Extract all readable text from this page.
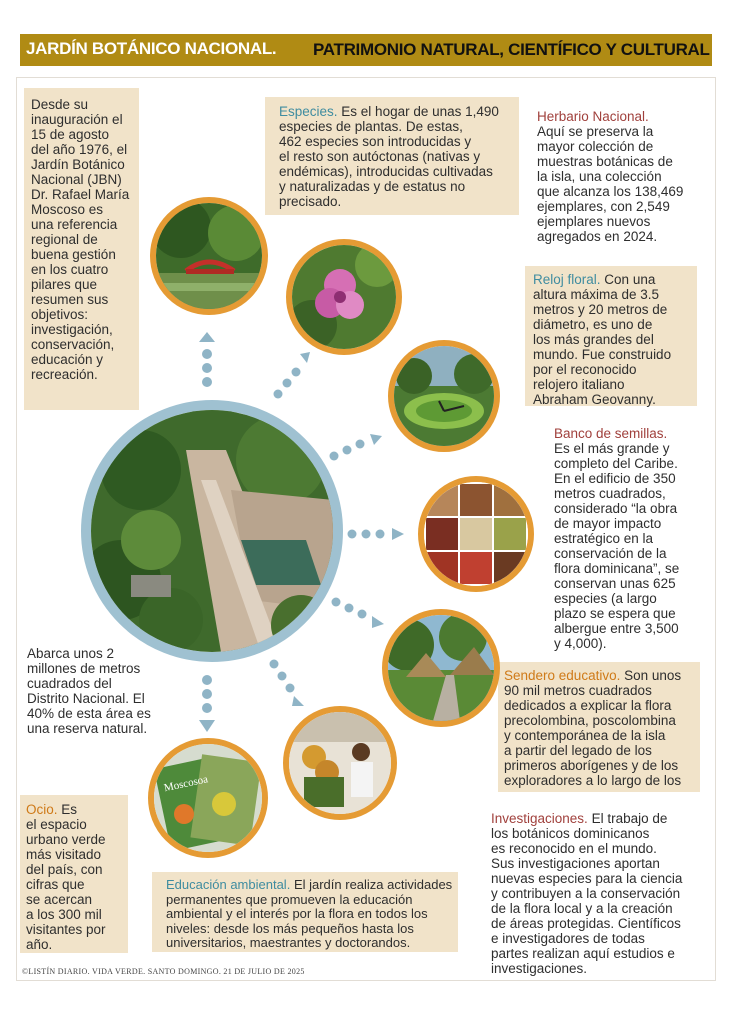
JARDÍN BOTÁNICO NACIONAL. PATRIMONIO NATURAL, CIENTÍFICO Y CULTURAL
Desde su
inauguración el
15 de agosto
del año 1976, el
Jardín Botánico
Nacional (JBN)
Dr. Rafael María
Moscoso es
una referencia
regional de
buena gestión
en los cuatro
pilares que
resumen sus
objetivos:
investigación,
conservación,
educación y
recreación.
Especies. Es el hogar de unas 1,490
especies de plantas. De estas,
462 especies son introducidas y
el resto son autóctonas (nativas y
endémicas), introducidas cultivadas
y naturalizadas y de estatus no
precisado.
Herbario Nacional.
Aquí se preserva la
mayor colección de
muestras botánicas de
la isla, una colección
que alcanza los 138,469
ejemplares, con 2,549
ejemplares nuevos
agregados en 2024.
Reloj floral. Con una
altura máxima de 3.5
metros y 20 metros de
diámetro, es uno de
los más grandes del
mundo. Fue construido
por el reconocido
relojero italiano
Abraham Geovanny.
Banco de semillas.
Es el más grande y
completo del Caribe.
En el edificio de 350
metros cuadrados,
considerado “la obra
de mayor impacto
estratégico en la
conservación de la
flora dominicana”, se
conservan unas 625
especies (a largo
plazo se espera que
albergue entre 3,500
y 4,000).
Abarca unos 2
millones de metros
cuadrados del
Distrito Nacional. El
40% de esta área es
una reserva natural.
Sendero educativo. Son unos
90 mil metros cuadrados
dedicados a explicar la flora
precolombina, poscolombina
y contemporánea de la isla
a partir del legado de los
primeros aborígenes y de los
exploradores a lo largo de los
Ocio. Es
el espacio
urbano verde
más visitado
del país, con
cifras que
se acercan
a los 300 mil
visitantes por
año.
Educación ambiental. El jardín realiza actividades
permanentes que promueven la educación
ambiental y el interés por la flora en todos los
niveles: desde los más pequeños hasta los
universitarios, maestrantes y doctorandos.
Investigaciones. El trabajo de
los botánicos dominicanos
es reconocido en el mundo.
Sus investigaciones aportan
nuevas especies para la ciencia
y contribuyen a la conservación
de la flora local y a la creación
de áreas protegidas. Científicos
e investigadores de todas
partes realizan aquí estudios e
investigaciones.
Moscosoa
©LISTÍN DIARIO. VIDA VERDE. SANTO DOMINGO. 21 DE JULIO DE 2025
